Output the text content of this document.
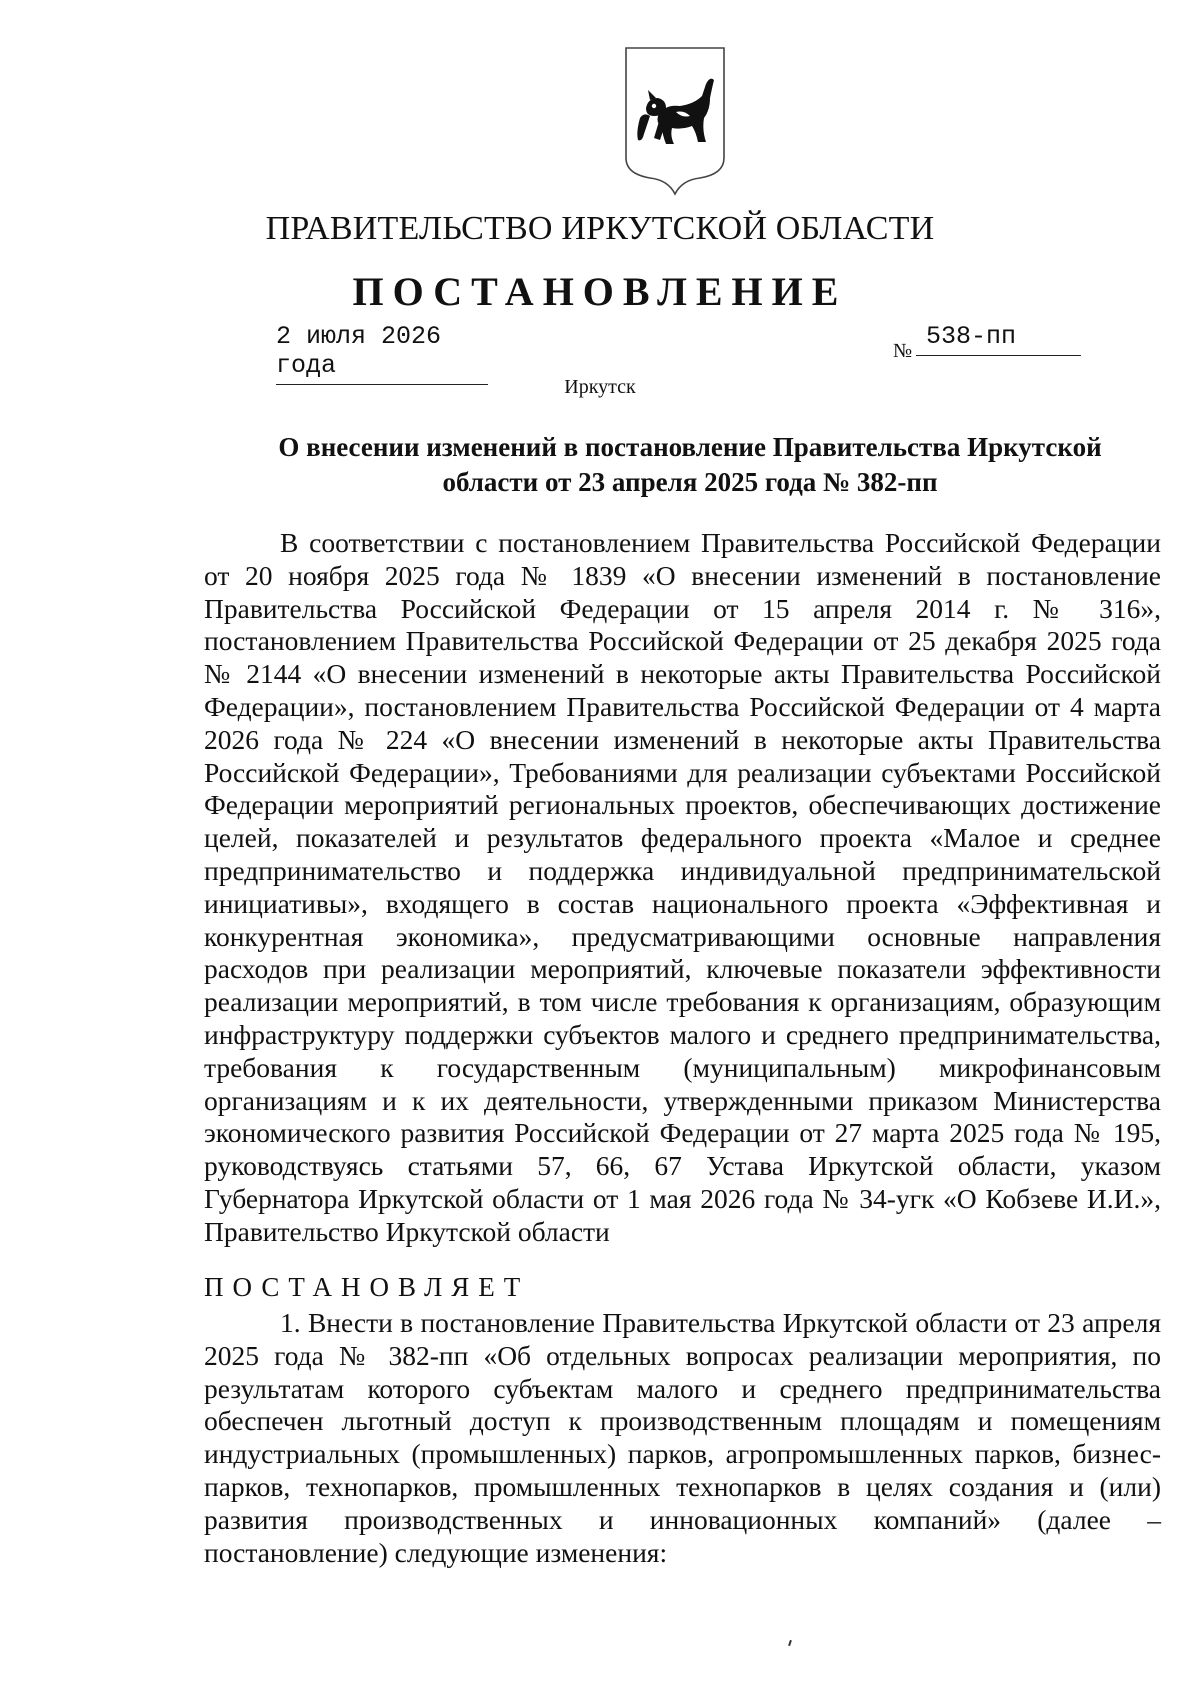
ПРАВИТЕЛЬСТВО ИРКУТСКОЙ ОБЛАСТИ
ПОСТАНОВЛЕНИЕ
2 июля 2026 года	№ 538-пп
Иркутск
О внесении изменений в постановление Правительства Иркутской области от 23 апреля 2025 года № 382-пп

В соответствии с постановлением Правительства Российской Федерации от 20 ноября 2025 года № 1839 «О внесении изменений в постановление Правительства Российской Федерации от 15 апреля 2014 г. № 316», постановлением Правительства Российской Федерации от 25 декабря 2025 года № 2144 «О внесении изменений в некоторые акты Правительства Российской Федерации», постановлением Правительства Российской Федерации от 4 марта 2026 года № 224 «О внесении изменений в некоторые акты Правительства Российской Федерации», Требованиями для реализации субъектами Российской Федерации мероприятий региональных проектов, обеспечивающих достижение целей, показателей и результатов федерального проекта «Малое и среднее предпринимательство и поддержка индивидуальной предпринимательской инициативы», входящего в состав национального проекта «Эффективная и конкурентная экономика», предусматривающими основные направления расходов при реализации мероприятий, ключевые показатели эффективности реализации мероприятий, в том числе требования к организациям, образующим инфраструктуру поддержки субъектов малого и среднего предпринимательства, требования к государственным (муниципальным) микрофинансовым организациям и к их деятельности, утвержденными приказом Министерства экономического развития Российской Федерации от 27 марта 2025 года № 195, руководствуясь статьями 57, 66, 67 Устава Иркутской области, указом Губернатора Иркутской области от 1 мая 2026 года № 34-угк «О Кобзеве И.И.», Правительство Иркутской области

ПОСТАНОВЛЯЕТ

1. Внести в постановление Правительства Иркутской области от 23 апреля 2025 года № 382-пп «Об отдельных вопросах реализации мероприятия, по результатам которого субъектам малого и среднего предпринимательства обеспечен льготный доступ к производственным площадям и помещениям индустриальных (промышленных) парков, агропромышленных парков, бизнес-парков, технопарков, промышленных технопарков в целях создания и (или) развития производственных и инновационных компаний» (далее – постановление) следующие изменения:
